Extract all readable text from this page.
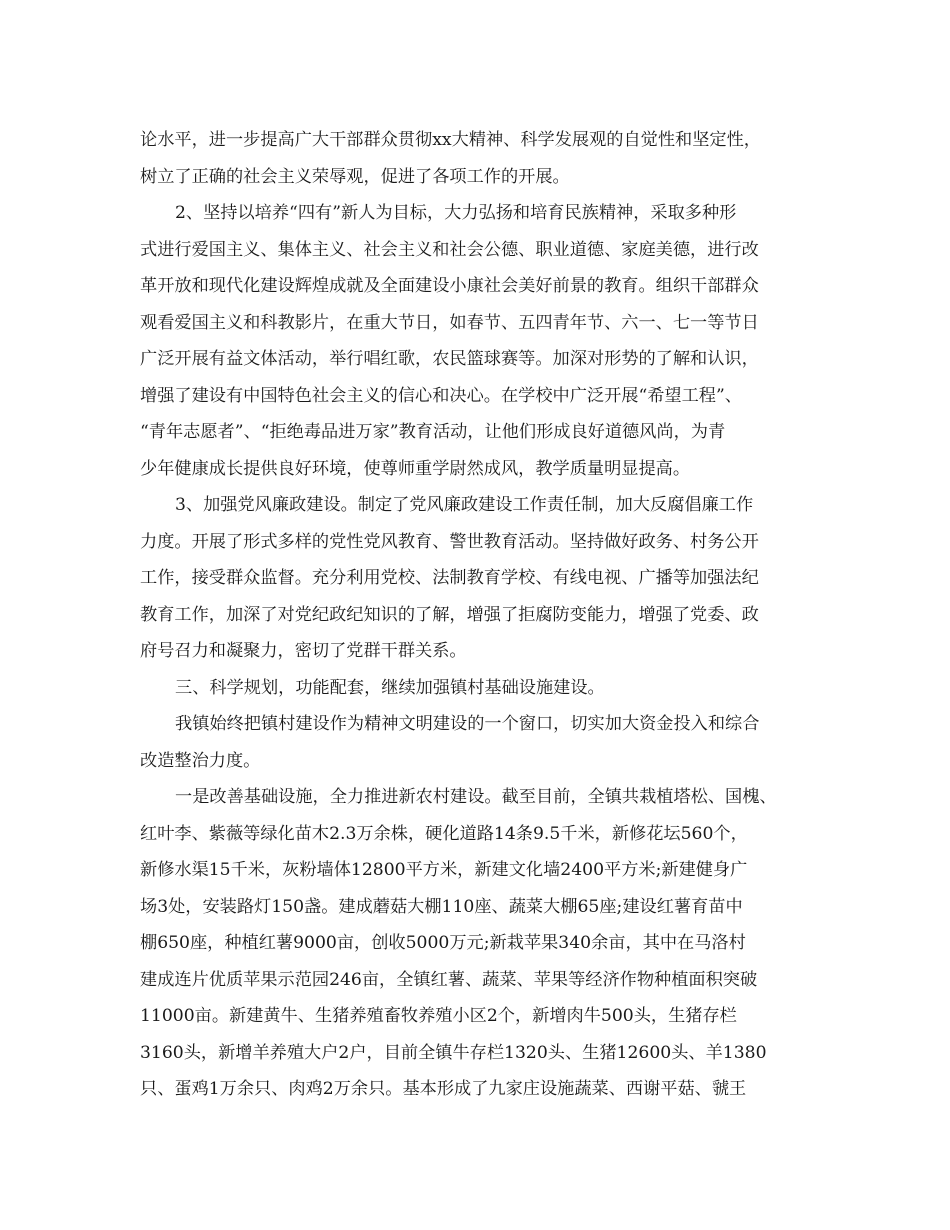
论水平，进一步提高广大干部群众贯彻xx大精神、科学发展观的自觉性和坚定性，
树立了正确的社会主义荣辱观，促进了各项工作的开展。
2、坚持以培养“四有”新人为目标，大力弘扬和培育民族精神，采取多种形
式进行爱国主义、集体主义、社会主义和社会公德、职业道德、家庭美德，进行改
革开放和现代化建设辉煌成就及全面建设小康社会美好前景的教育。组织干部群众
观看爱国主义和科教影片，在重大节日，如春节、五四青年节、六一、七一等节日
广泛开展有益文体活动，举行唱红歌，农民篮球赛等。加深对形势的了解和认识，
增强了建设有中国特色社会主义的信心和决心。在学校中广泛开展“希望工程”、
“青年志愿者”、“拒绝毒品进万家”教育活动，让他们形成良好道德风尚，为青
少年健康成长提供良好环境，使尊师重学尉然成风，教学质量明显提高。
3、加强党风廉政建设。制定了党风廉政建设工作责任制，加大反腐倡廉工作
力度。开展了形式多样的党性党风教育、警世教育活动。坚持做好政务、村务公开
工作，接受群众监督。充分利用党校、法制教育学校、有线电视、广播等加强法纪
教育工作，加深了对党纪政纪知识的了解，增强了拒腐防变能力，增强了党委、政
府号召力和凝聚力，密切了党群干群关系。
三、科学规划，功能配套，继续加强镇村基础设施建设。
我镇始终把镇村建设作为精神文明建设的一个窗口，切实加大资金投入和综合
改造整治力度。
一是改善基础设施，全力推进新农村建设。截至目前，全镇共栽植塔松、国槐、
红叶李、紫薇等绿化苗木2.3万余株，硬化道路14条9.5千米，新修花坛560个，
新修水渠15千米，灰粉墙体12800平方米，新建文化墙2400平方米;新建健身广
场3处，安装路灯150盏。建成蘑菇大棚110座、蔬菜大棚65座;建设红薯育苗中
棚650座，种植红薯9000亩，创收5000万元;新栽苹果340余亩，其中在马洛村
建成连片优质苹果示范园246亩，全镇红薯、蔬菜、苹果等经济作物种植面积突破
11000亩。新建黄牛、生猪养殖畜牧养殖小区2个，新增肉牛500头，生猪存栏
3160头，新增羊养殖大户2户，目前全镇牛存栏1320头、生猪12600头、羊1380
只、蛋鸡1万余只、肉鸡2万余只。基本形成了九家庄设施蔬菜、西谢平菇、虢王
